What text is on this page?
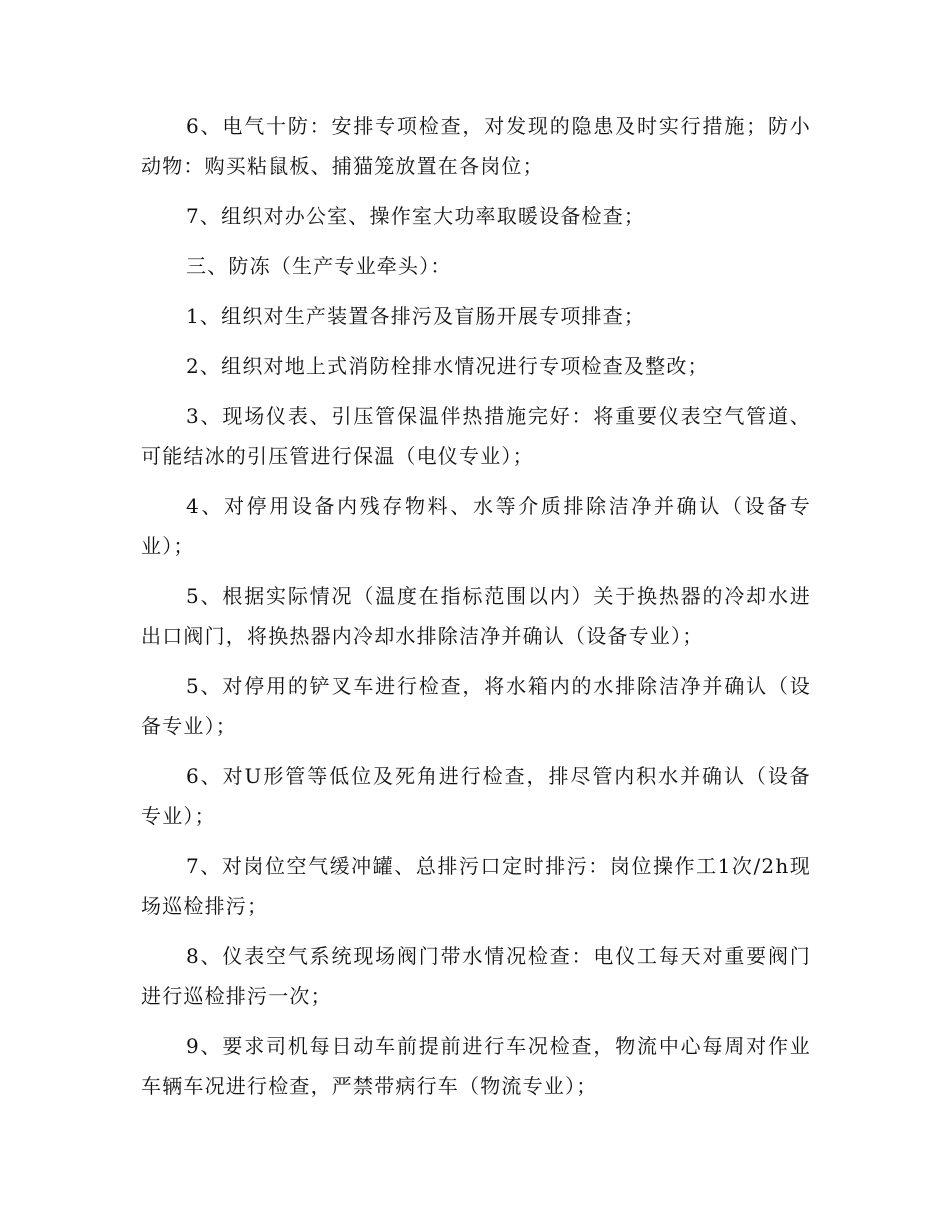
6、电气十防：安排专项检查，对发现的隐患及时实行措施；防小动物：购买粘鼠板、捕猫笼放置在各岗位；

7、组织对办公室、操作室大功率取暖设备检查；

三、防冻（生产专业牵头）：

1、组织对生产装置各排污及盲肠开展专项排查；

2、组织对地上式消防栓排水情况进行专项检查及整改；

3、现场仪表、引压管保温伴热措施完好：将重要仪表空气管道、可能结冰的引压管进行保温（电仪专业）；

4、对停用设备内残存物料、水等介质排除洁净并确认（设备专业）；

5、根据实际情况（温度在指标范围以内）关于换热器的冷却水进出口阀门，将换热器内冷却水排除洁净并确认（设备专业）；

5、对停用的铲叉车进行检查，将水箱内的水排除洁净并确认（设备专业）；

6、对U形管等低位及死角进行检查，排尽管内积水并确认（设备专业）；

7、对岗位空气缓冲罐、总排污口定时排污：岗位操作工1次/2h现场巡检排污；

8、仪表空气系统现场阀门带水情况检查：电仪工每天对重要阀门进行巡检排污一次；

9、要求司机每日动车前提前进行车况检查，物流中心每周对作业车辆车况进行检查，严禁带病行车（物流专业）；
